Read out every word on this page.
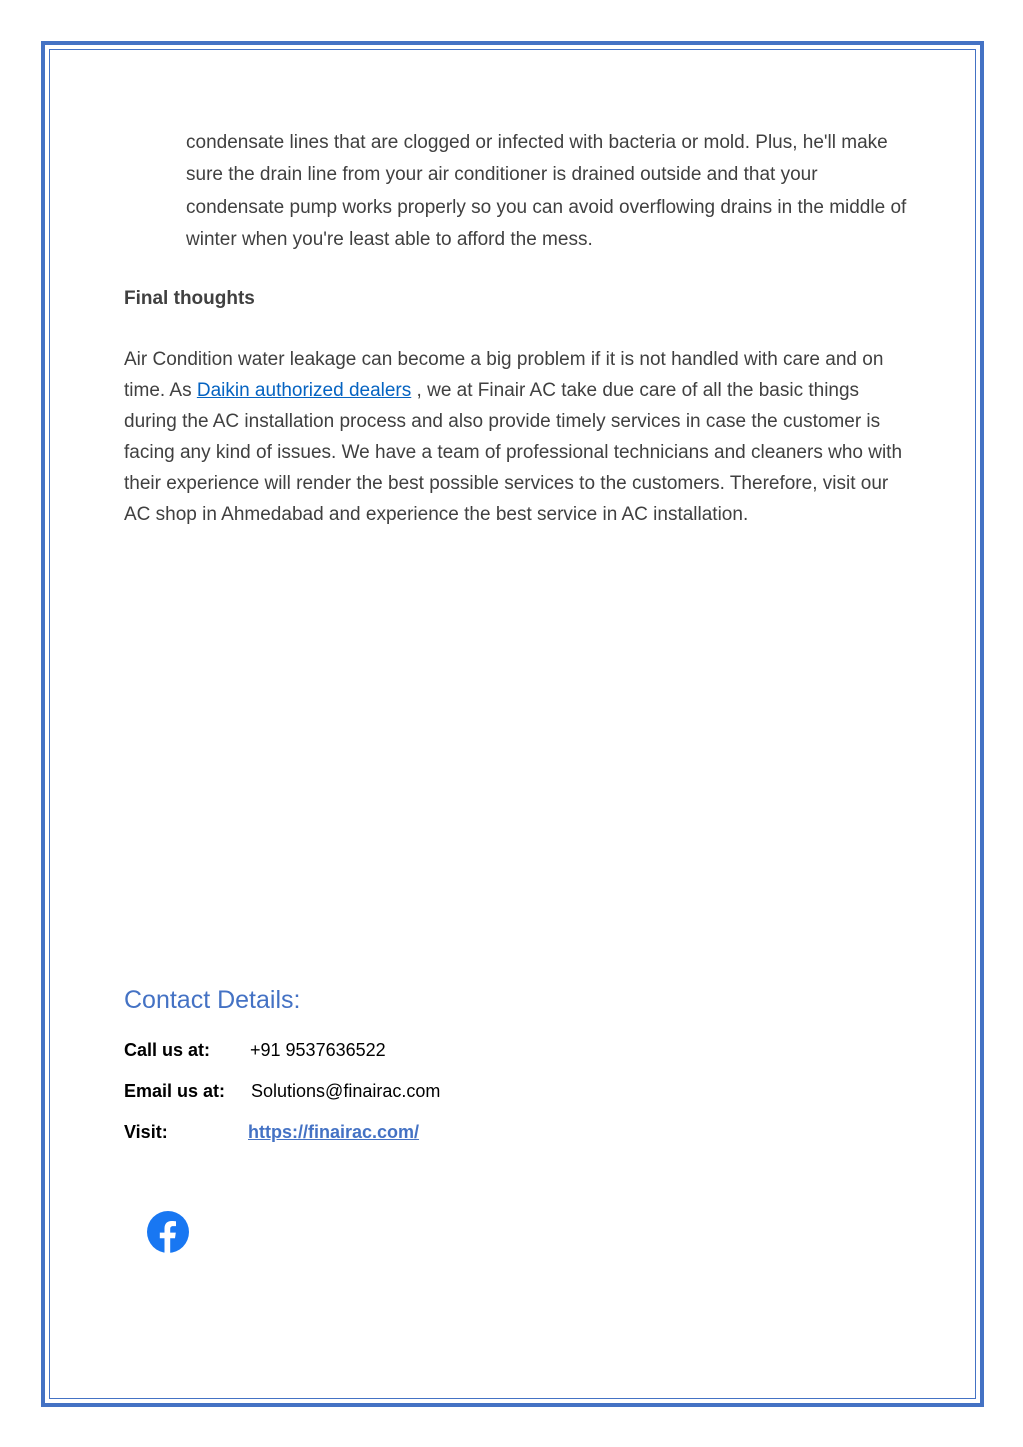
condensate lines that are clogged or infected with bacteria or mold. Plus, he'll make sure the drain line from your air conditioner is drained outside and that your condensate pump works properly so you can avoid overflowing drains in the middle of winter when you're least able to afford the mess.

Final thoughts

Air Condition water leakage can become a big problem if it is not handled with care and on time. As Daikin authorized dealers , we at Finair AC take due care of all the basic things during the AC installation process and also provide timely services in case the customer is facing any kind of issues. We have a team of professional technicians and cleaners who with their experience will render the best possible services to the customers. Therefore, visit our AC shop in Ahmedabad and experience the best service in AC installation.

Contact Details:
Call us at: +91 9537636522
Email us at: Solutions@finairac.com
Visit:	https://finairac.com/
